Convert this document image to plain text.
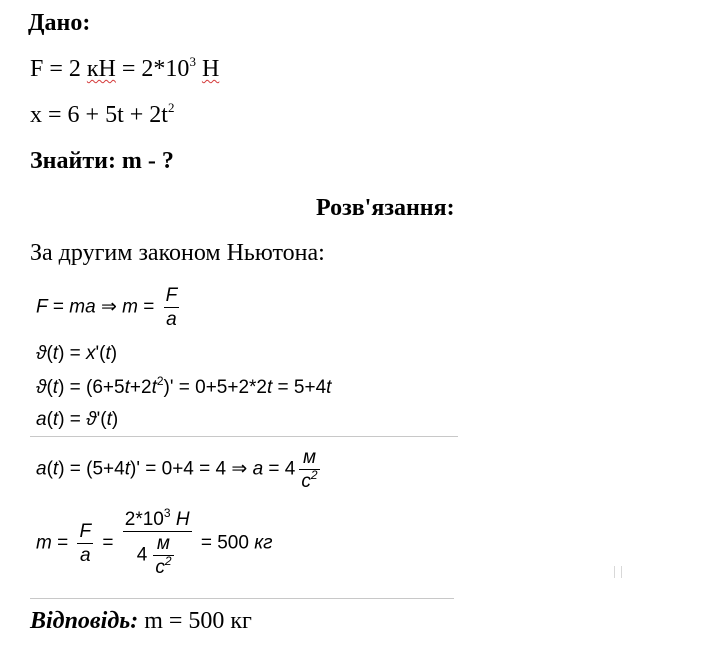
Дано:
F = 2 кН = $2*10^3$ Н
$x = 6 + 5t + 2t^2$
Знайти: m - ?
Розв'язання:
За другим законом Ньютона:
F = ma ⇒ $m = \frac{F}{a}$
ϑ(t) = x'(t)
$ϑ(t) = (6+5t+2t^2)' = 0+5+2*2t = 5+4t$
a(t) = ϑ'(t)
a(t) = (5+4t)' = 0+4 = 4 ⇒ $a = 4 \frac{м}{c^2}$
$m = \frac{F}{a} = \frac{2*10^3 Н}{4 \frac{м}{c^2}} = 500$ кг
Відповідь: m = 500 кг
